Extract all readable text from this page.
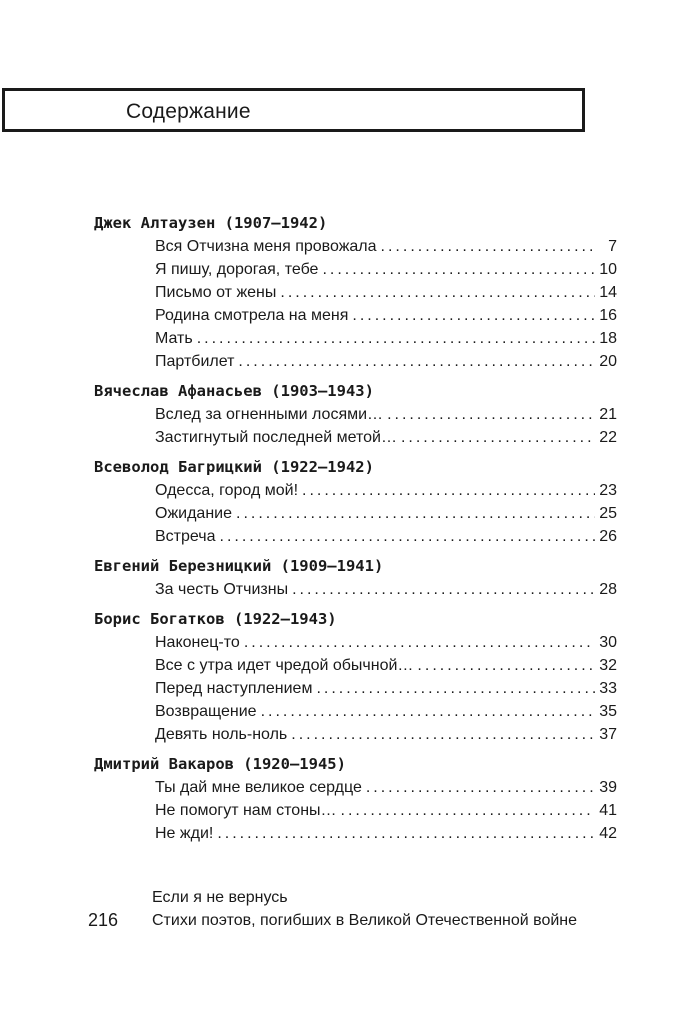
Содержание
Джек Алтаузен (1907–1942)
Вся Отчизна меня провожала .....	7
Я пишу, дорогая, тебе .....	10
Письмо от жены .....	14
Родина смотрела на меня .....	16
Мать .....	18
Партбилет .....	20
Вячеслав Афанасьев (1903–1943)
Вслед за огненными лосями… .....	21
Застигнутый последней метой… .....	22
Всеволод Багрицкий (1922–1942)
Одесса, город мой! .....	23
Ожидание .....	25
Встреча .....	26
Евгений Березницкий (1909–1941)
За честь Отчизны .....	28
Борис Богатков (1922–1943)
Наконец-то .....	30
Все с утра идет чредой обычной… .....	32
Перед наступлением .....	33
Возвращение .....	35
Девять ноль-ноль .....	37
Дмитрий Вакаров (1920–1945)
Ты дай мне великое сердце .....	39
Не помогут нам стоны… .....	41
Не жди! .....	42
Если я не вернусь
216 Стихи поэтов, погибших в Великой Отечественной войне
